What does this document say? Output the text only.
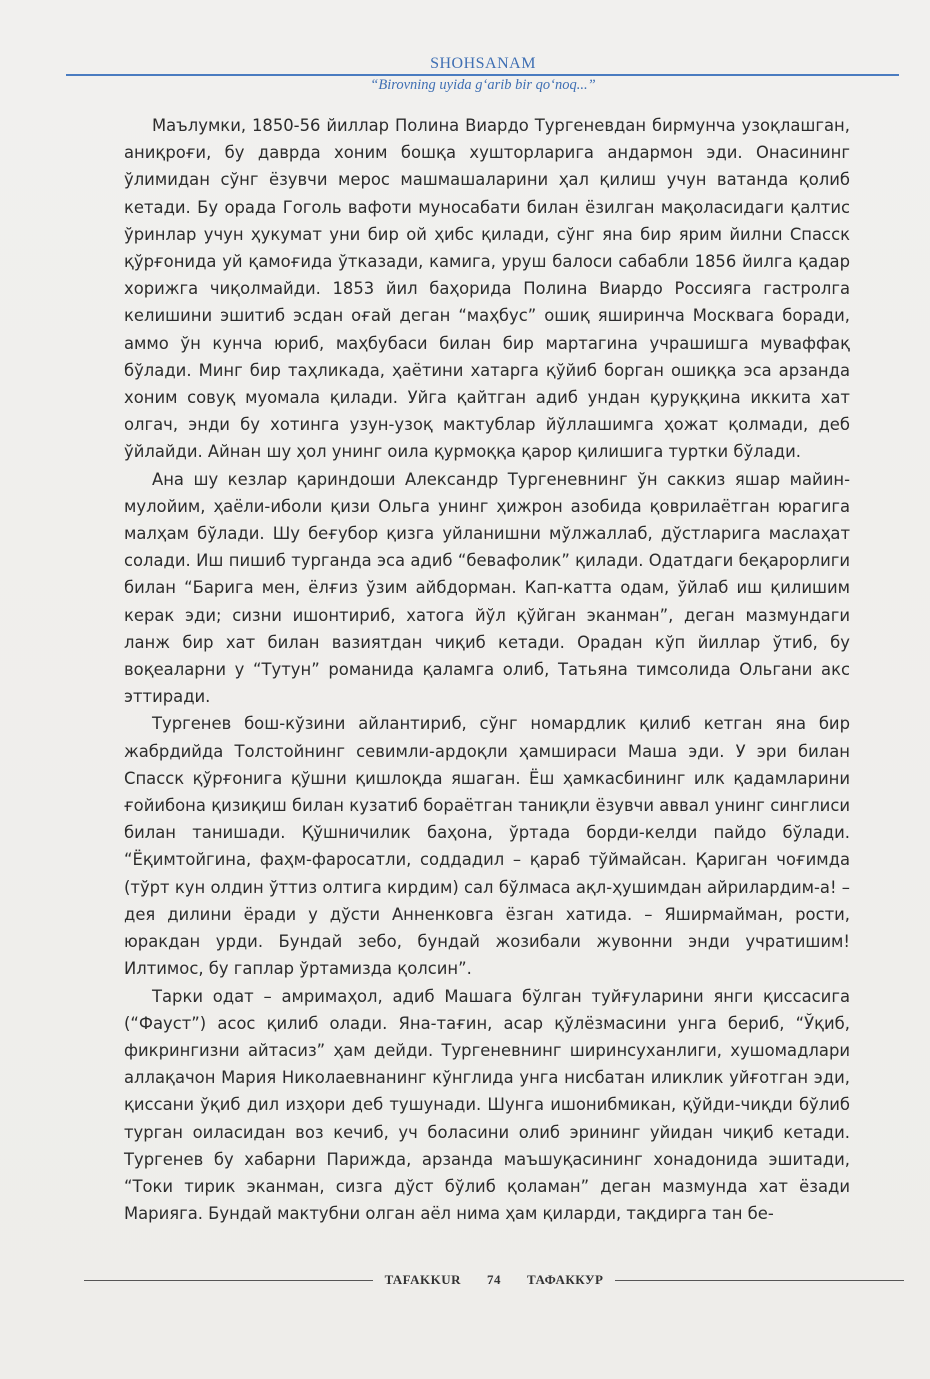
SHOHSANAM
“Birovning uyida g‘arib bir qo‘noq...”

Маълумки, 1850-56 йиллар Полина Виардо Тургеневдан бирмунча узоқлашган, аниқроғи, бу даврда хоним бошқа хушторларига андармон эди. Онасининг ўлимидан сўнг ёзувчи мерос машмашаларини ҳал қилиш учун ватанда қолиб кетади. Бу орада Гоголь вафоти муносабати билан ёзилган мақоласидаги қалтис ўринлар учун ҳукумат уни бир ой ҳибс қилади, сўнг яна бир ярим йилни Спасск қўрғонида уй қамоғида ўтказади, камига, уруш балоси сабабли 1856 йилга қадар хорижга чиқолмайди. 1853 йил баҳорида Полина Виардо Россияга гастролга келишини эшитиб эсдан оғай деган “маҳбус” ошиқ яширинча Москвага боради, аммо ўн кунча юриб, маҳбубаси билан бир мартагина учрашишга муваффақ бўлади. Минг бир таҳликада, ҳаётини хатарга қўйиб борган ошиққа эса арзанда хоним совуқ муомала қилади. Уйга қайтган адиб ундан қуруққина иккита хат олгач, энди бу хотинга узун-узоқ мактублар йўллашимга ҳожат қолмади, деб ўйлайди. Айнан шу ҳол унинг оила қурмоққа қарор қилишига туртки бўлади.

Ана шу кезлар қариндоши Александр Тургеневнинг ўн саккиз яшар майин-мулойим, ҳаёли-иболи қизи Ольга унинг ҳижрон азобида қоврилаётган юрагига малҳам бўлади. Шу беғубор қизга уйланишни мўлжаллаб, дўстларига маслаҳат солади. Иш пишиб турганда эса адиб “бевафолик” қилади. Одатдаги беқарорлиги билан “Барига мен, ёлғиз ўзим айбдорман. Кап-катта одам, ўйлаб иш қилишим керак эди; сизни ишонтириб, хатога йўл қўйган эканман”, деган мазмундаги ланж бир хат билан вазиятдан чиқиб кетади. Орадан кўп йиллар ўтиб, бу воқеаларни у “Тутун” романида қаламга олиб, Татьяна тимсолида Ольгани акс эттиради.

Тургенев бош-кўзини айлантириб, сўнг номардлик қилиб кетган яна бир жабрдийда Толстойнинг севимли-ардоқли ҳамшираси Маша эди. У эри билан Спасск қўрғонига қўшни қишлоқда яшаган. Ёш ҳамкасбининг илк қадамларини ғойибона қизиқиш билан кузатиб бораётган таниқли ёзувчи аввал унинг синглиси билан танишади. Қўшничилик баҳона, ўртада борди-келди пайдо бўлади. “Ёқимтойгина, фаҳм-фаросатли, соддадил – қараб тўймайсан. Қариган чоғимда (тўрт кун олдин ўттиз олтига кирдим) сал бўлмаса ақл-ҳушимдан айрилардим-а! – дея дилини ёради у дўсти Анненковга ёзган хатида. – Яширмайман, рости, юракдан урди. Бундай зебо, бундай жозибали жувонни энди учратишим! Илтимос, бу гаплар ўртамизда қолсин”.

Тарки одат – амримаҳол, адиб Машага бўлган туйғуларини янги қиссасига (“Фауст”) асос қилиб олади. Яна-тағин, асар қўлёзмасини унга бериб, “Ўқиб, фикрингизни айтасиз” ҳам дейди. Тургеневнинг ширинсуханлиги, хушомадлари аллақачон Мария Николаевнанинг кўнглида унга нисбатан иликлик уйғотган эди, қиссани ўқиб дил изҳори деб тушунади. Шунга ишонибмикан, қўйди-чиқди бўлиб турган оиласидан воз кечиб, уч боласини олиб эрининг уйидан чиқиб кетади. Тургенев бу хабарни Парижда, арзанда маъшуқасининг хонадонида эшитади, “Токи тирик эканман, сизга дўст бўлиб қоламан” деган мазмунда хат ёзади Марияга. Бундай мактубни олган аёл нима ҳам қиларди, тақдирга тан бе-

TAFAKKUR	74	ТАФАККУР
